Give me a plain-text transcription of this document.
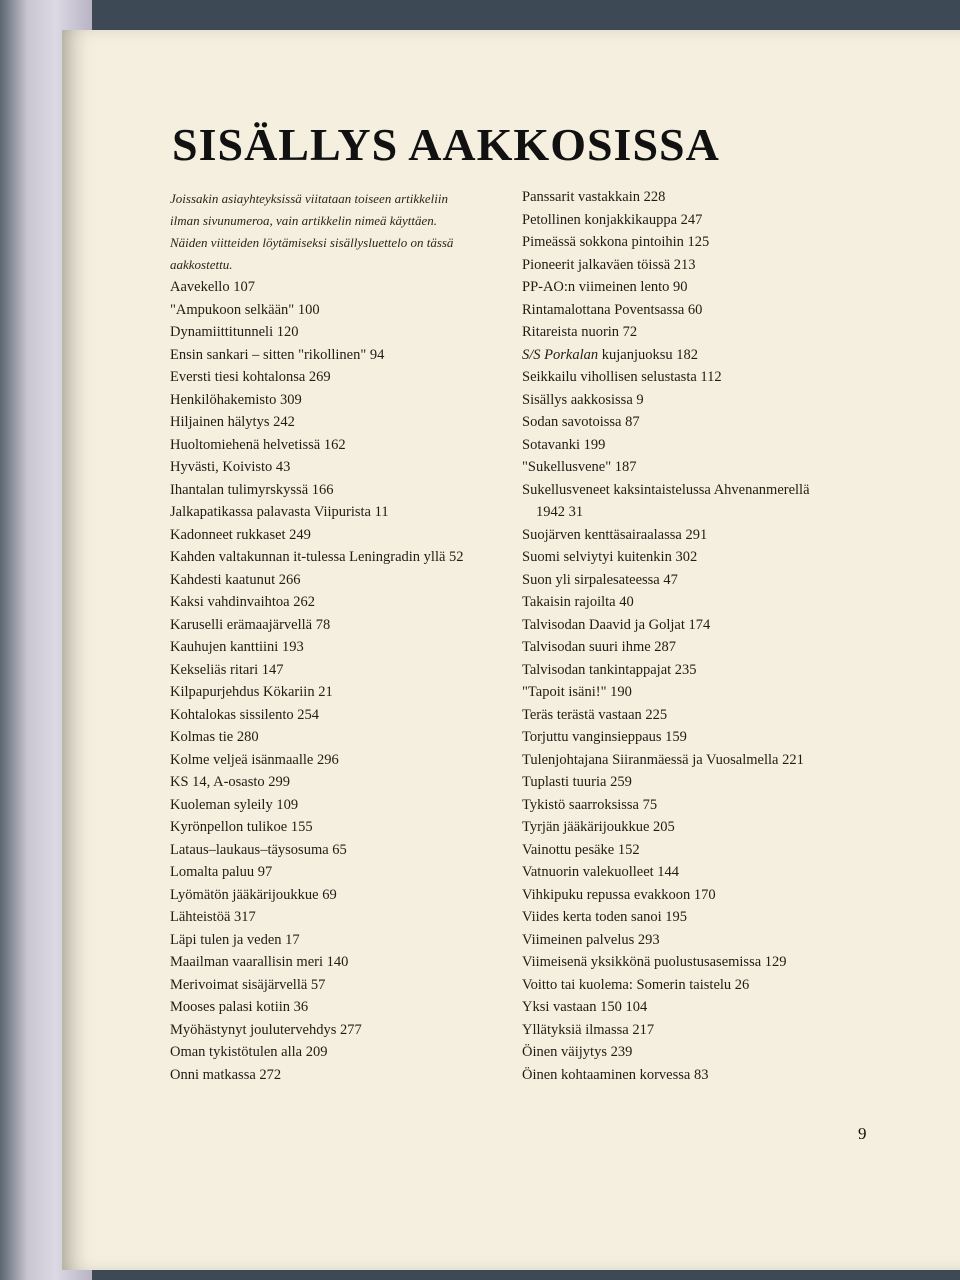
SISÄLLYS AAKKOSISSA
Joissakin asiayhteyksissä viitataan toiseen artikkeliin
ilman sivunumeroa, vain artikkelin nimeä käyttäen.
Näiden viitteiden löytämiseksi sisällysluettelo on tässä
aakkostettu.
Aavekello 107
"Ampukoon selkään" 100
Dynamiittitunneli 120
Ensin sankari – sitten "rikollinen" 94
Eversti tiesi kohtalonsa 269
Henkilöhakemisto 309
Hiljainen hälytys 242
Huoltomiehenä helvetissä 162
Hyvästi, Koivisto 43
Ihantalan tulimyrskyssä 166
Jalkapatikassa palavasta Viipurista 11
Kadonneet rukkaset 249
Kahden valtakunnan it-tulessa Leningradin yllä 52
Kahdesti kaatunut 266
Kaksi vahdinvaihtoa 262
Karuselli erämaajärvellä 78
Kauhujen kanttiini 193
Kekseliäs ritari 147
Kilpapurjehdus Kökariin 21
Kohtalokas sissilento 254
Kolmas tie 280
Kolme veljeä isänmaalle 296
KS 14, A-osasto 299
Kuoleman syleily 109
Kyrönpellon tulikoe 155
Lataus–laukaus–täysosuma 65
Lomalta paluu 97
Lyömätön jääkärijoukkue 69
Lähteistöä 317
Läpi tulen ja veden 17
Maailman vaarallisin meri 140
Merivoimat sisäjärvellä 57
Mooses palasi kotiin 36
Myöhästynyt joulutervehdys 277
Oman tykistötulen alla 209
Onni matkassa 272
Panssarit vastakkain 228
Petollinen konjakkikauppa 247
Pimeässä sokkona pintoihin 125
Pioneerit jalkaväen töissä 213
PP-AO:n viimeinen lento 90
Rintamalottana Poventsassa 60
Ritareista nuorin 72
S/S Porkalan kujanjuoksu 182
Seikkailu vihollisen selustasta 112
Sisällys aakkosissa 9
Sodan savotoissa 87
Sotavanki 199
"Sukellusvene" 187
Sukellusveneet kaksintaistelussa Ahvenanmerellä
1942 31
Suojärven kenttäsairaalassa 291
Suomi selviytyi kuitenkin 302
Suon yli sirpalesateessa 47
Takaisin rajoilta 40
Talvisodan Daavid ja Goljat 174
Talvisodan suuri ihme 287
Talvisodan tankintappajat 235
"Tapoit isäni!" 190
Teräs terästä vastaan 225
Torjuttu vanginsieppaus 159
Tulenjohtajana Siiranmäessä ja Vuosalmella 221
Tuplasti tuuria 259
Tykistö saarroksissa 75
Tyrjän jääkärijoukkue 205
Vainottu pesäke 152
Vatnuorin valekuolleet 144
Vihkipuku repussa evakkoon 170
Viides kerta toden sanoi 195
Viimeinen palvelus 293
Viimeisenä yksikkönä puolustusasemissa 129
Voitto tai kuolema: Somerin taistelu 26
Yksi vastaan 150 104
Yllätyksiä ilmassa 217
Öinen väijytys 239
Öinen kohtaaminen korvessa 83
9
